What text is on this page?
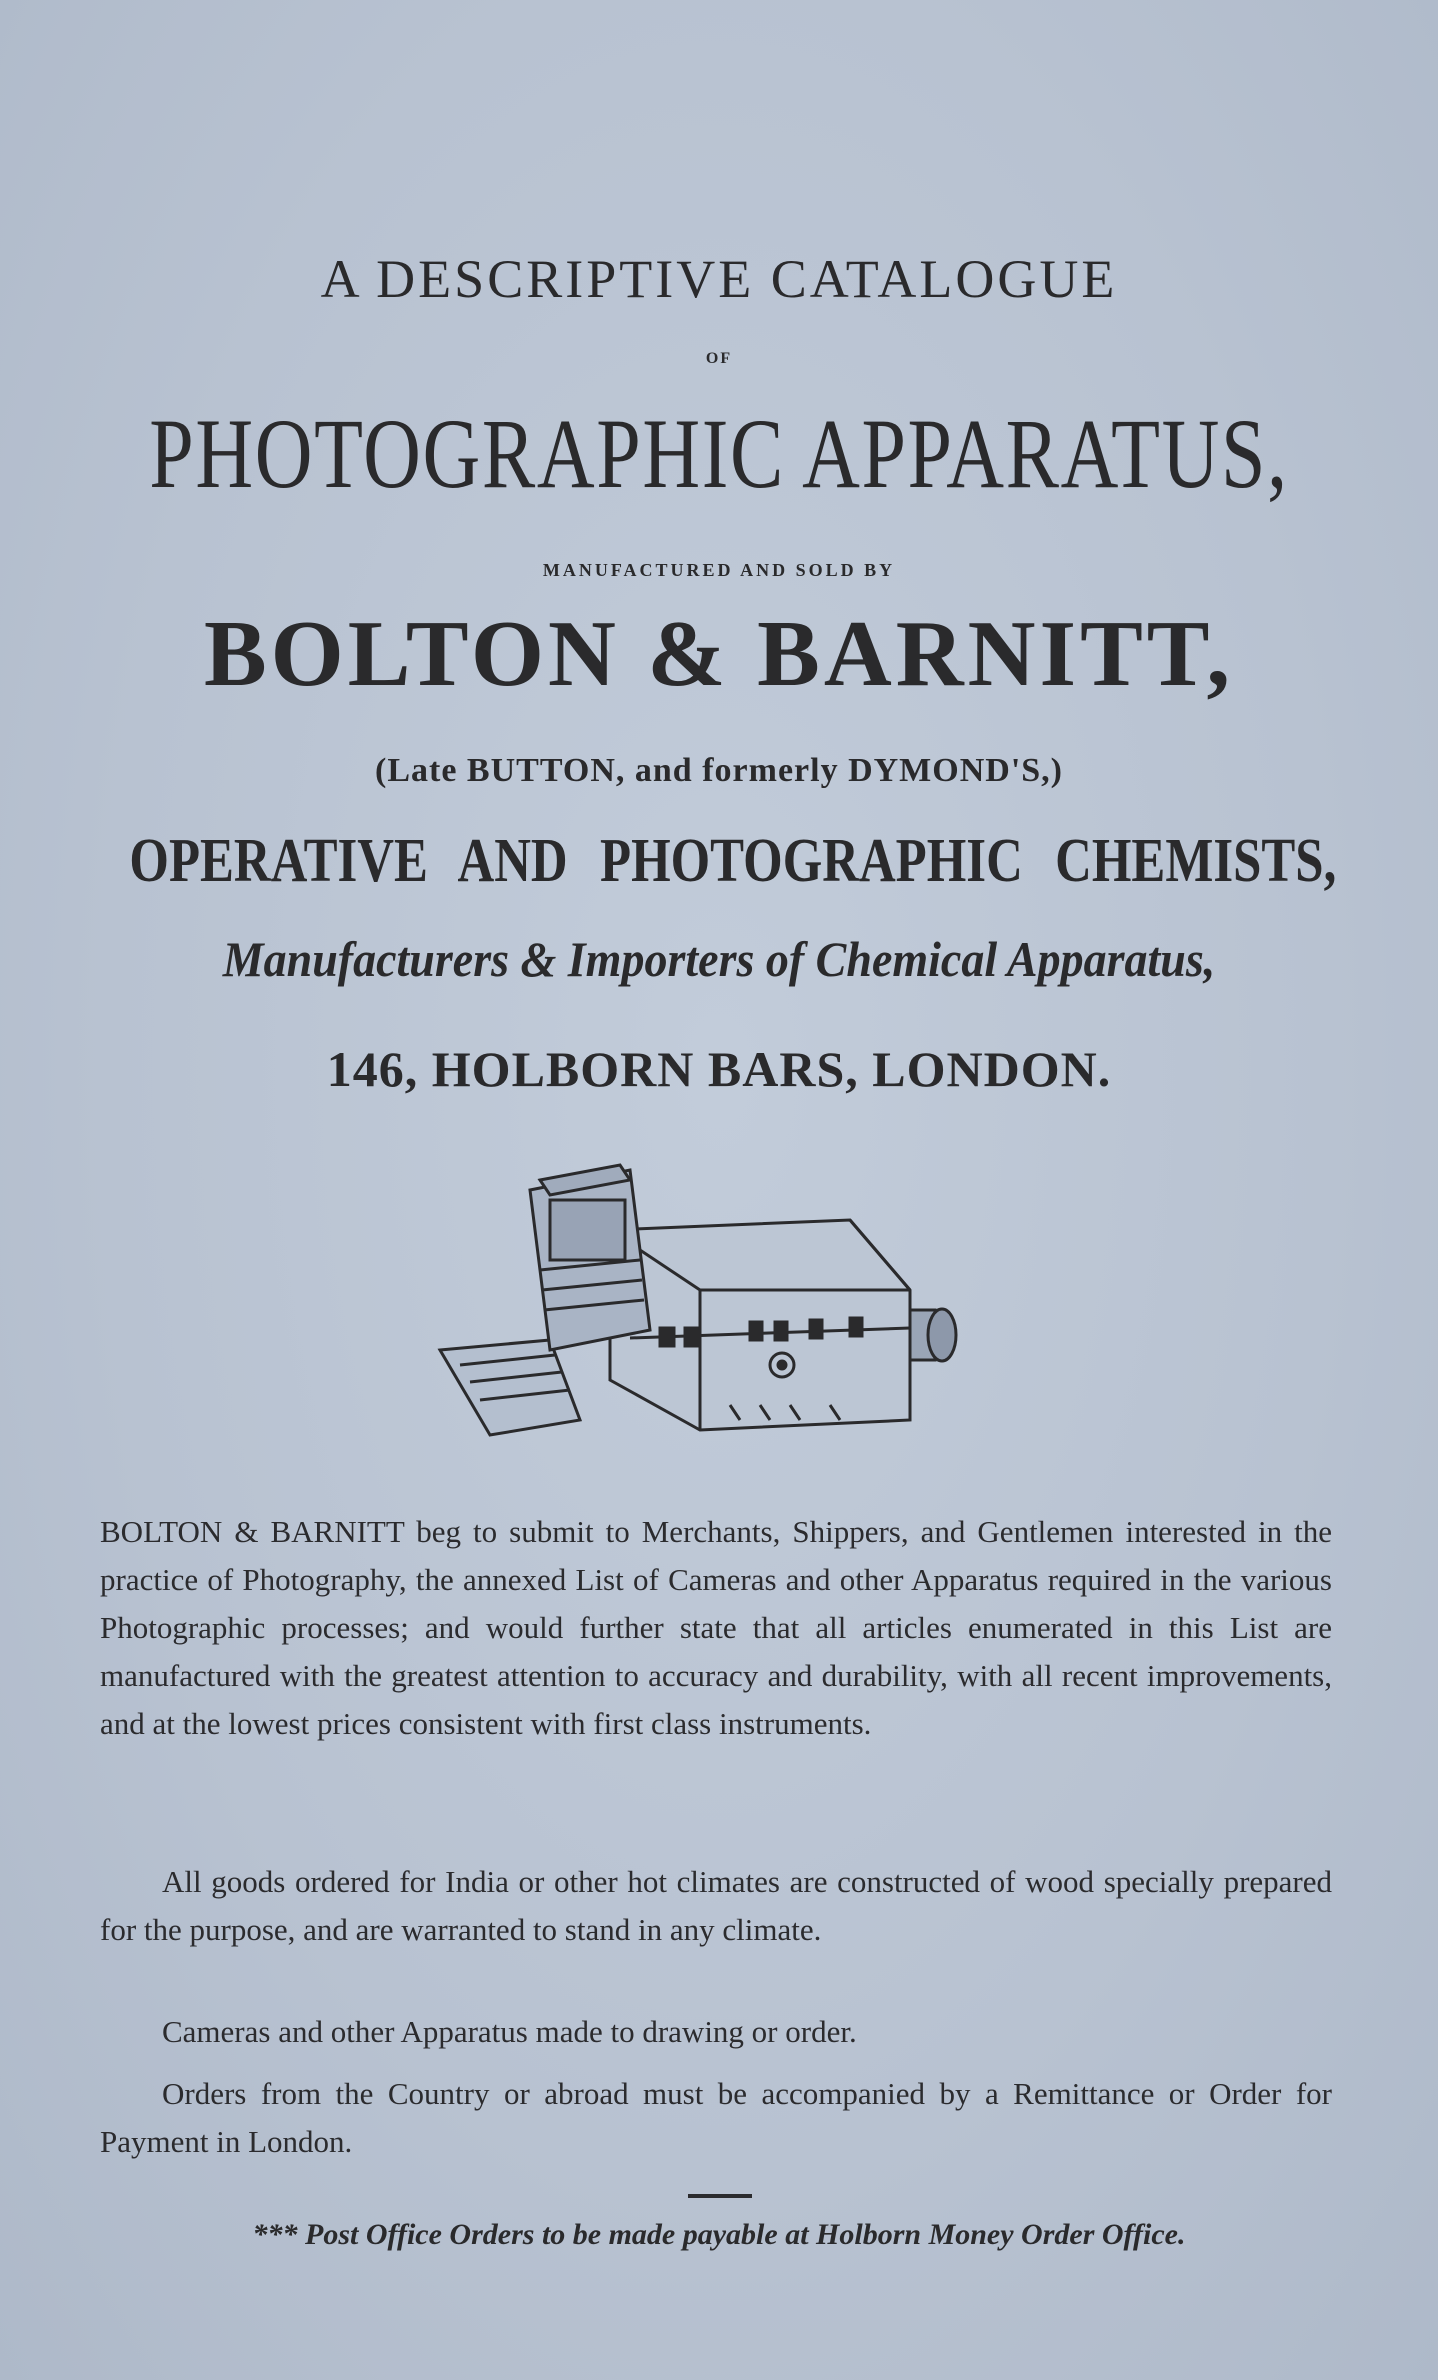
A DESCRIPTIVE CATALOGUE
OF
PHOTOGRAPHIC APPARATUS,
MANUFACTURED AND SOLD BY
BOLTON & BARNITT,
(Late BUTTON, and formerly DYMOND'S,)
OPERATIVE AND PHOTOGRAPHIC CHEMISTS,
Manufacturers & Importers of Chemical Apparatus,
146, HOLBORN BARS, LONDON.
BOLTON & BARNITT beg to submit to Merchants, Shippers, and Gentlemen interested in the practice of Photography, the annexed List of Cameras and other Apparatus required in the various Photographic processes; and would further state that all articles enumerated in this List are manufactured with the greatest attention to accuracy and durability, with all recent improvements, and at the lowest prices consistent with first class instruments.
All goods ordered for India or other hot climates are constructed of wood specially prepared for the purpose, and are warranted to stand in any climate.
Cameras and other Apparatus made to drawing or order.
Orders from the Country or abroad must be accompanied by a Remittance or Order for Payment in London.
*** Post Office Orders to be made payable at Holborn Money Order Office.
